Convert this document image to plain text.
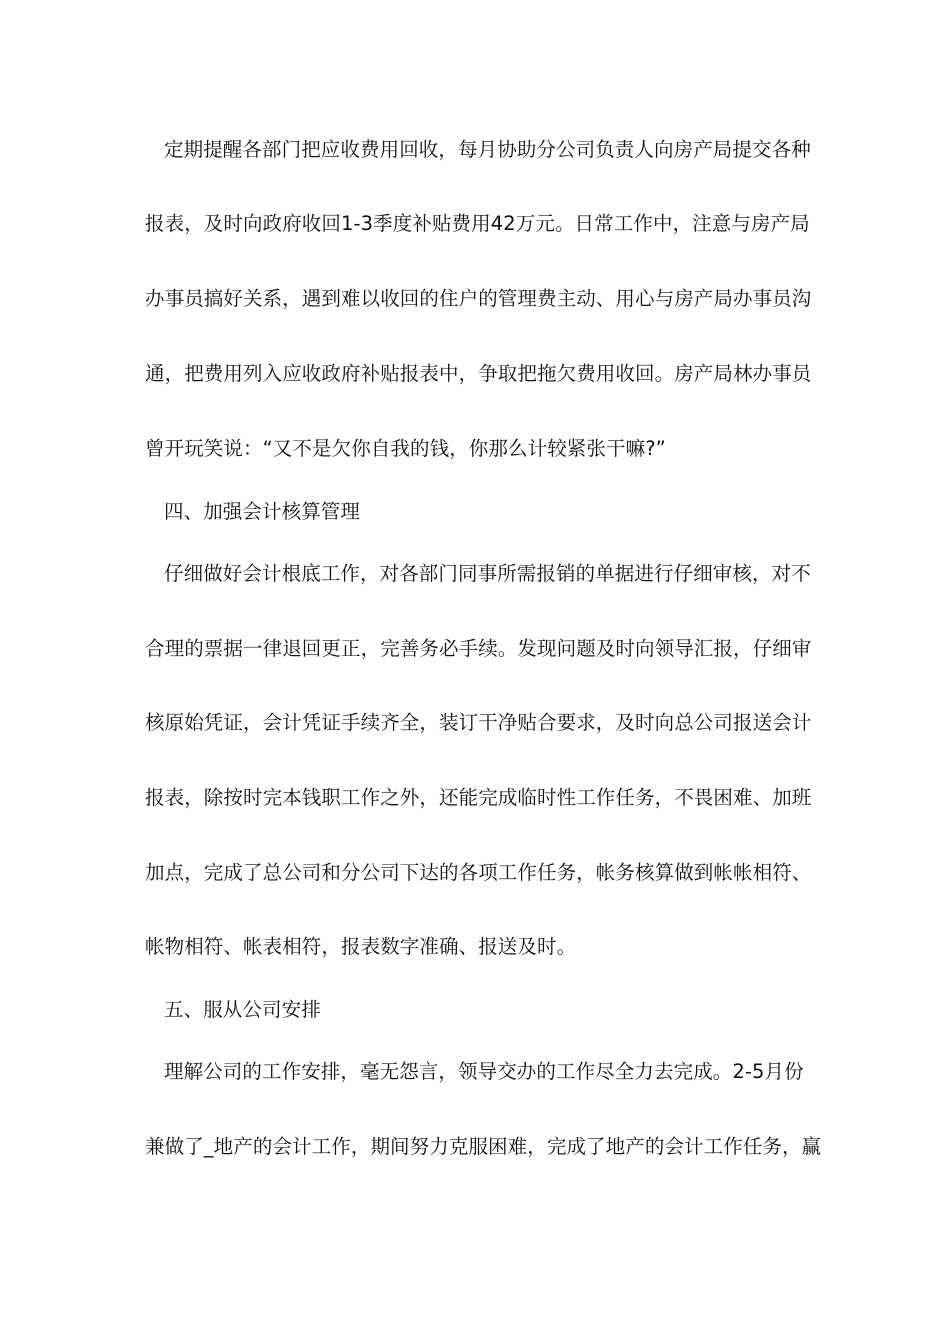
定期提醒各部门把应收费用回收，每月协助分公司负责人向房产局提交各种
报表，及时向政府收回1-3季度补贴费用42万元。日常工作中，注意与房产局
办事员搞好关系，遇到难以收回的住户的管理费主动、用心与房产局办事员沟
通，把费用列入应收政府补贴报表中，争取把拖欠费用收回。房产局林办事员
曾开玩笑说：“又不是欠你自我的钱，你那么计较紧张干嘛?”
四、加强会计核算管理
仔细做好会计根底工作，对各部门同事所需报销的单据进行仔细审核，对不
合理的票据一律退回更正，完善务必手续。发现问题及时向领导汇报，仔细审
核原始凭证，会计凭证手续齐全，装订干净贴合要求，及时向总公司报送会计
报表，除按时完本钱职工作之外，还能完成临时性工作任务，不畏困难、加班
加点，完成了总公司和分公司下达的各项工作任务，帐务核算做到帐帐相符、
帐物相符、帐表相符，报表数字准确、报送及时。
五、服从公司安排
理解公司的工作安排，毫无怨言，领导交办的工作尽全力去完成。2-5月份
兼做了_地产的会计工作，期间努力克服困难，完成了地产的会计工作任务，赢
